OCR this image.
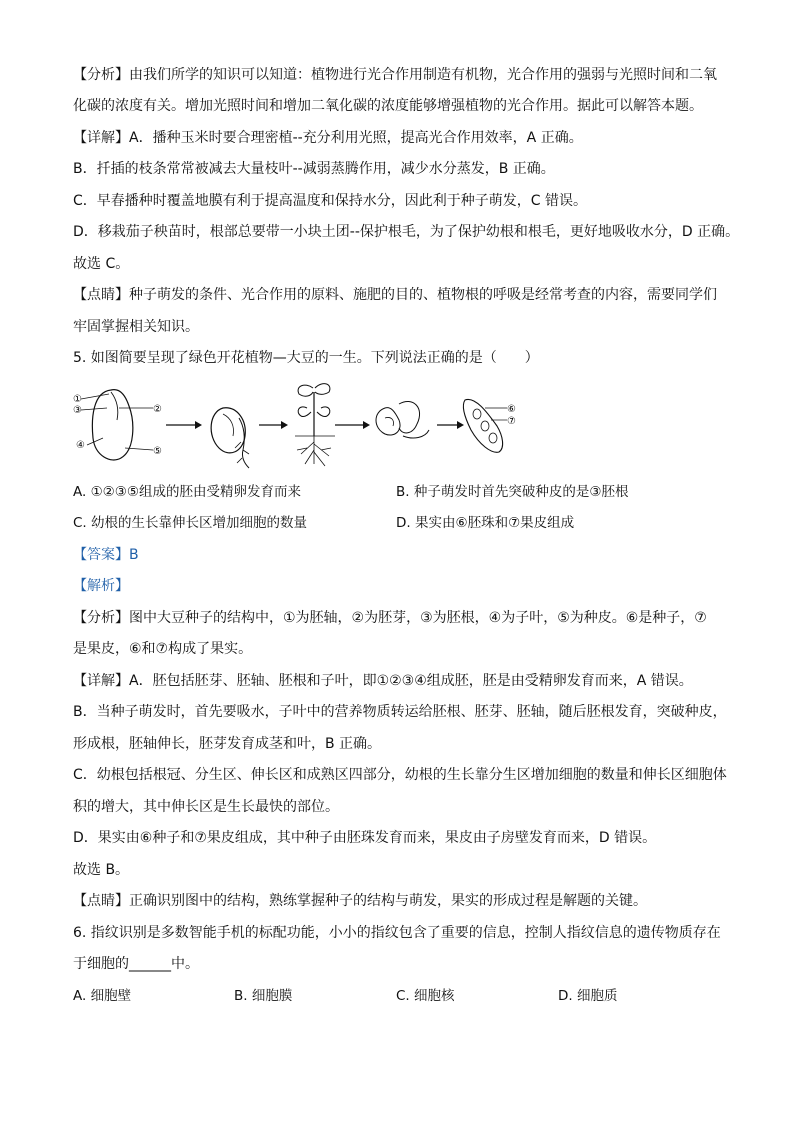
【分析】由我们所学的知识可以知道：植物进行光合作用制造有机物，光合作用的强弱与光照时间和二氧
化碳的浓度有关。增加光照时间和增加二氧化碳的浓度能够增强植物的光合作用。据此可以解答本题。
【详解】A．播种玉米时要合理密植--充分利用光照，提高光合作用效率，A 正确。
B．扦插的枝条常常被减去大量枝叶--减弱蒸腾作用，减少水分蒸发，B 正确。
C．早春播种时覆盖地膜有利于提高温度和保持水分，因此利于种子萌发，C 错误。
D．移栽茄子秧苗时，根部总要带一小块土团--保护根毛，为了保护幼根和根毛，更好地吸收水分，D 正确。
故选 C。
【点睛】种子萌发的条件、光合作用的原料、施肥的目的、植物根的呼吸是经常考查的内容，需要同学们
牢固掌握相关知识。
5. 如图简要呈现了绿色开花植物—大豆的一生。下列说法正确的是（　　）
①
③
④
②
⑤
⑥
⑦
A. ①②③⑤组成的胚由受精卵发育而来	B. 种子萌发时首先突破种皮的是③胚根
C. 幼根的生长靠伸长区增加细胞的数量	D. 果实由⑥胚珠和⑦果皮组成
【答案】B
【解析】
【分析】图中大豆种子的结构中，①为胚轴，②为胚芽，③为胚根，④为子叶，⑤为种皮。⑥是种子，⑦
是果皮，⑥和⑦构成了果实。
【详解】A．胚包括胚芽、胚轴、胚根和子叶，即①②③④组成胚，胚是由受精卵发育而来，A 错误。
B．当种子萌发时，首先要吸水，子叶中的营养物质转运给胚根、胚芽、胚轴，随后胚根发育，突破种皮，
形成根，胚轴伸长，胚芽发育成茎和叶，B 正确。
C．幼根包括根冠、分生区、伸长区和成熟区四部分，幼根的生长靠分生区增加细胞的数量和伸长区细胞体
积的增大，其中伸长区是生长最快的部位。
D．果实由⑥种子和⑦果皮组成，其中种子由胚珠发育而来，果皮由子房壁发育而来，D 错误。
故选 B。
【点睛】正确识别图中的结构，熟练掌握种子的结构与萌发，果实的形成过程是解题的关键。
6. 指纹识别是多数智能手机的标配功能，小小的指纹包含了重要的信息，控制人指纹信息的遗传物质存在
于细胞的______中。
A. 细胞壁	B. 细胞膜	C. 细胞核	D. 细胞质
